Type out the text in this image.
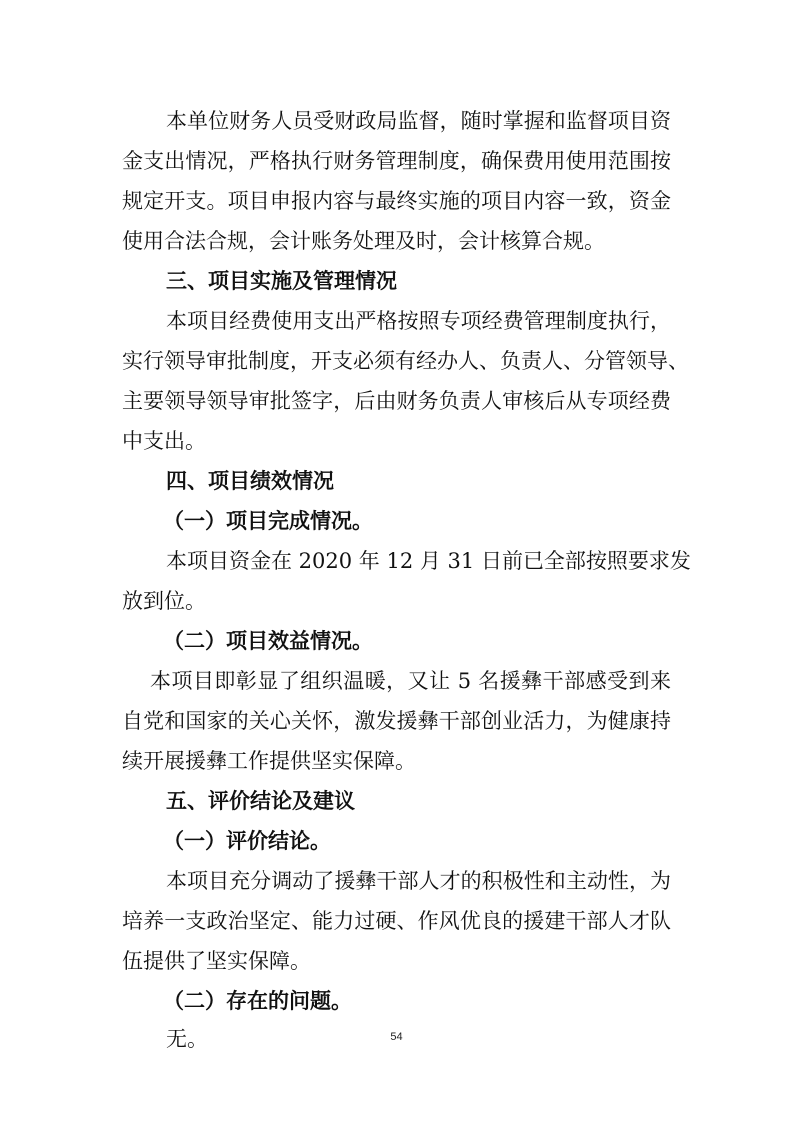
本单位财务人员受财政局监督，随时掌握和监督项目资
金支出情况，严格执行财务管理制度，确保费用使用范围按
规定开支。项目申报内容与最终实施的项目内容一致，资金
使用合法合规，会计账务处理及时，会计核算合规。
三、项目实施及管理情况
本项目经费使用支出严格按照专项经费管理制度执行，
实行领导审批制度，开支必须有经办人、负责人、分管领导、
主要领导领导审批签字，后由财务负责人审核后从专项经费
中支出。
四、项目绩效情况
（一）项目完成情况。
本项目资金在 2020 年 12 月 31 日前已全部按照要求发
放到位。
（二）项目效益情况。
本项目即彰显了组织温暖，又让 5 名援彝干部感受到来
自党和国家的关心关怀，激发援彝干部创业活力，为健康持
续开展援彝工作提供坚实保障。
五、评价结论及建议
（一）评价结论。
本项目充分调动了援彝干部人才的积极性和主动性，为
培养一支政治坚定、能力过硬、作风优良的援建干部人才队
伍提供了坚实保障。
（二）存在的问题。
无。	54
